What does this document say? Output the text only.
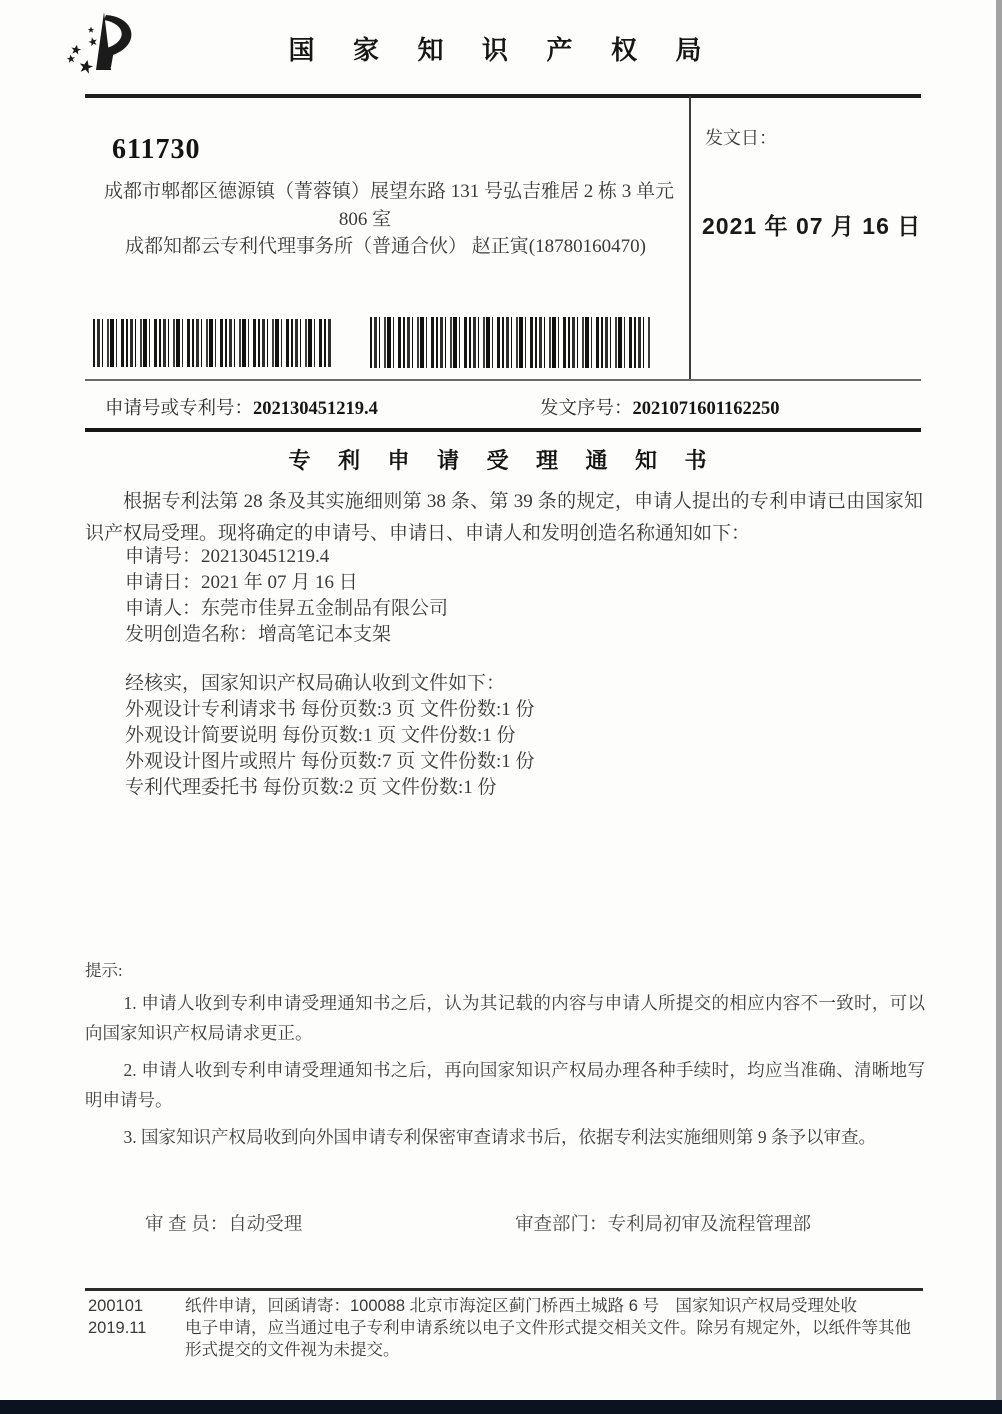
国 家 知 识 产 权 局
611730
成都市郫都区德源镇（菁蓉镇）展望东路 131 号弘吉雅居 2 栋 3 单元
806 室
成都知都云专利代理事务所（普通合伙） 赵正寅(18780160470)
发文日：
2021 年 07 月 16 日
申请号或专利号：202130451219.4	发文序号：2021071601162250
专 利 申 请 受 理 通 知 书
根据专利法第 28 条及其实施细则第 38 条、第 39 条的规定，申请人提出的专利申请已由国家知识产权局受理。现将确定的申请号、申请日、申请人和发明创造名称通知如下：
申请号：202130451219.4
申请日：2021 年 07 月 16 日
申请人：东莞市佳昇五金制品有限公司
发明创造名称：增高笔记本支架
经核实，国家知识产权局确认收到文件如下：
外观设计专利请求书 每份页数:3 页 文件份数:1 份
外观设计简要说明 每份页数:1 页 文件份数:1 份
外观设计图片或照片 每份页数:7 页 文件份数:1 份
专利代理委托书 每份页数:2 页 文件份数:1 份
提示:

1. 申请人收到专利申请受理通知书之后，认为其记载的内容与申请人所提交的相应内容不一致时，可以向国家知识产权局请求更正。

2. 申请人收到专利申请受理通知书之后，再向国家知识产权局办理各种手续时，均应当准确、清晰地写明申请号。

3. 国家知识产权局收到向外国申请专利保密审查请求书后，依据专利法实施细则第 9 条予以审查。

审 查 员：自动受理	审查部门：专利局初审及流程管理部
200101
2019.11

纸件申请，回函请寄：100088 北京市海淀区蓟门桥西土城路 6 号　国家知识产权局受理处收

电子申请，应当通过电子专利申请系统以电子文件形式提交相关文件。除另有规定外，以纸件等其他形式提交的文件视为未提交。
